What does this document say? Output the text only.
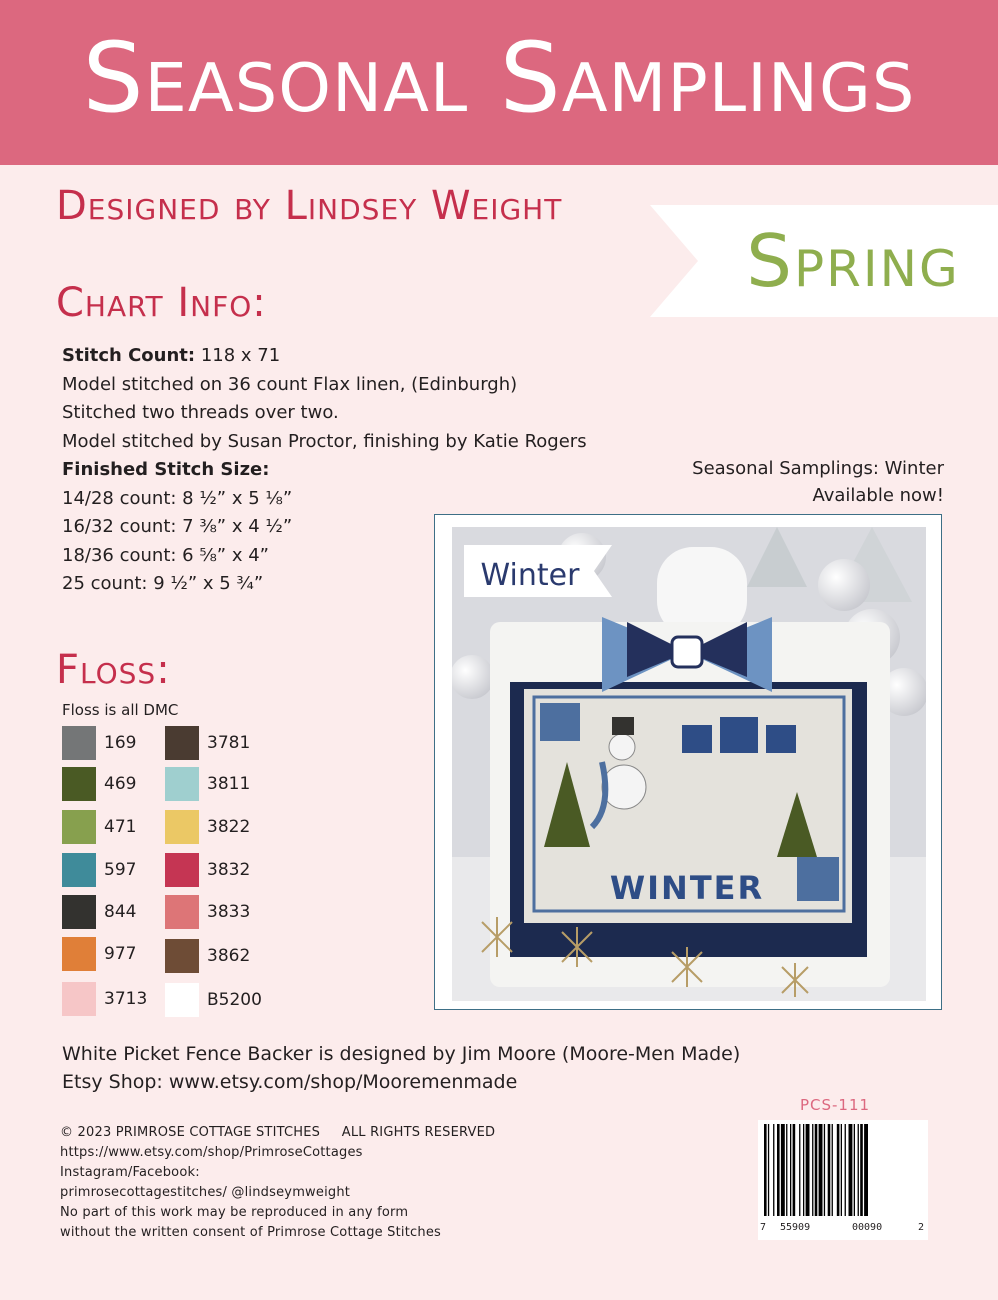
Seasonal Samplings
Designed by Lindsey Weight
Spring
Chart Info:
Stitch Count: 118 x 71
Model stitched on 36 count Flax linen, (Edinburgh)
Stitched two threads over two.
Model stitched by Susan Proctor, finishing by Katie Rogers
Finished Stitch Size:
14/28 count: 8 ½” x 5 ⅛”
16/32 count: 7 ⅜” x 4 ½”
18/36 count: 6 ⅝” x 4”
25 count: 9 ½” x 5 ¾”
Seasonal Samplings: Winter
Available now!
WINTER
Winter
Floss:
Floss is all DMC
169
469
471
597
844
977
3713
3781
3811
3822
3832
3833
3862
B5200
White Picket Fence Backer is designed by Jim Moore (Moore-Men Made)
Etsy Shop: www.etsy.com/shop/Mooremenmade
PCS-111
7 55909	00090	2
© 2023 PRIMROSE COTTAGE STITCHES     ALL RIGHTS RESERVED
https://www.etsy.com/shop/PrimroseCottages
Instagram/Facebook:
primrosecottagestitches/ @lindseymweight
No part of this work may be reproduced in any form
without the written consent of Primrose Cottage Stitches
